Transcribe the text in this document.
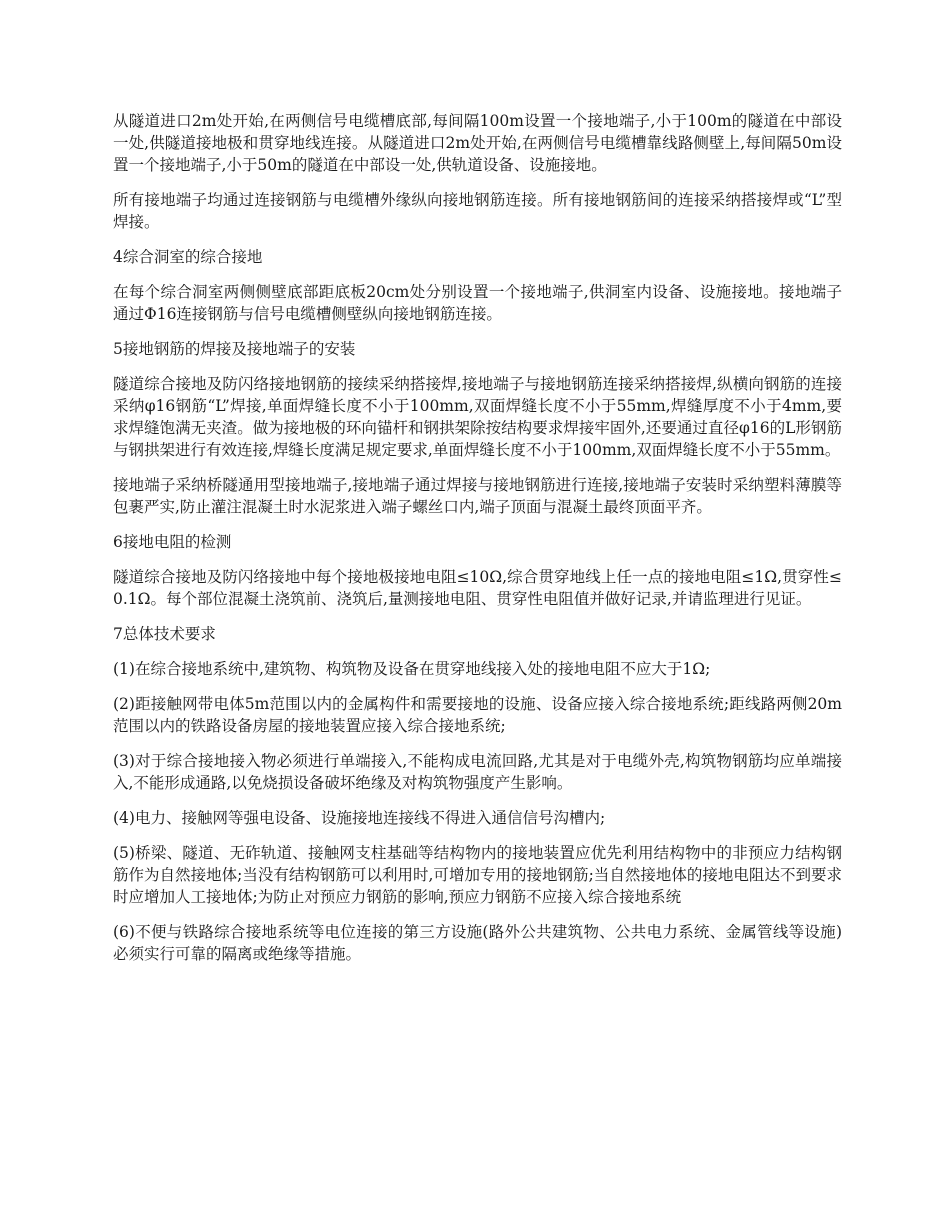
从隧道进口2m处开始,在两侧信号电缆槽底部,每间隔100m设置一个接地端子,小于100m的隧道在中部设一处,供隧道接地极和贯穿地线连接。从隧道进口2m处开始,在两侧信号电缆槽靠线路侧壁上,每间隔50m设置一个接地端子,小于50m的隧道在中部设一处,供轨道设备、设施接地。

所有接地端子均通过连接钢筋与电缆槽外缘纵向接地钢筋连接。所有接地钢筋间的连接采纳搭接焊或“L”型焊接。

4综合洞室的综合接地

在每个综合洞室两侧侧壁底部距底板20cm处分别设置一个接地端子,供洞室内设备、设施接地。接地端子通过Φ16连接钢筋与信号电缆槽侧壁纵向接地钢筋连接。

5接地钢筋的焊接及接地端子的安装

隧道综合接地及防闪络接地钢筋的接续采纳搭接焊,接地端子与接地钢筋连接采纳搭接焊,纵横向钢筋的连接采纳φ16钢筋“L”焊接,单面焊缝长度不小于100mm,双面焊缝长度不小于55mm,焊缝厚度不小于4mm,要求焊缝饱满无夹渣。做为接地极的环向锚杆和钢拱架除按结构要求焊接牢固外,还要通过直径φ16的L形钢筋与钢拱架进行有效连接,焊缝长度满足规定要求,单面焊缝长度不小于100mm,双面焊缝长度不小于55mm。

接地端子采纳桥隧通用型接地端子,接地端子通过焊接与接地钢筋进行连接,接地端子安装时采纳塑料薄膜等包裹严实,防止灌注混凝土时水泥浆进入端子螺丝口内,端子顶面与混凝土最终顶面平齐。

6接地电阻的检测

隧道综合接地及防闪络接地中每个接地极接地电阻≤10Ω,综合贯穿地线上任一点的接地电阻≤1Ω,贯穿性≤0.1Ω。每个部位混凝土浇筑前、浇筑后,量测接地电阻、贯穿性电阻值并做好记录,并请监理进行见证。

7总体技术要求

(1)在综合接地系统中,建筑物、构筑物及设备在贯穿地线接入处的接地电阻不应大于1Ω;

(2)距接触网带电体5m范围以内的金属构件和需要接地的设施、设备应接入综合接地系统;距线路两侧20m范围以内的铁路设备房屋的接地装置应接入综合接地系统;

(3)对于综合接地接入物必须进行单端接入,不能构成电流回路,尤其是对于电缆外壳,构筑物钢筋均应单端接入,不能形成通路,以免烧损设备破坏绝缘及对构筑物强度产生影响。

(4)电力、接触网等强电设备、设施接地连接线不得进入通信信号沟槽内;

(5)桥梁、隧道、无砟轨道、接触网支柱基础等结构物内的接地装置应优先利用结构物中的非预应力结构钢筋作为自然接地体;当没有结构钢筋可以利用时,可增加专用的接地钢筋;当自然接地体的接地电阻达不到要求时应增加人工接地体;为防止对预应力钢筋的影响,预应力钢筋不应接入综合接地系统

(6)不便与铁路综合接地系统等电位连接的第三方设施(路外公共建筑物、公共电力系统、金属管线等设施)必须实行可靠的隔离或绝缘等措施。
